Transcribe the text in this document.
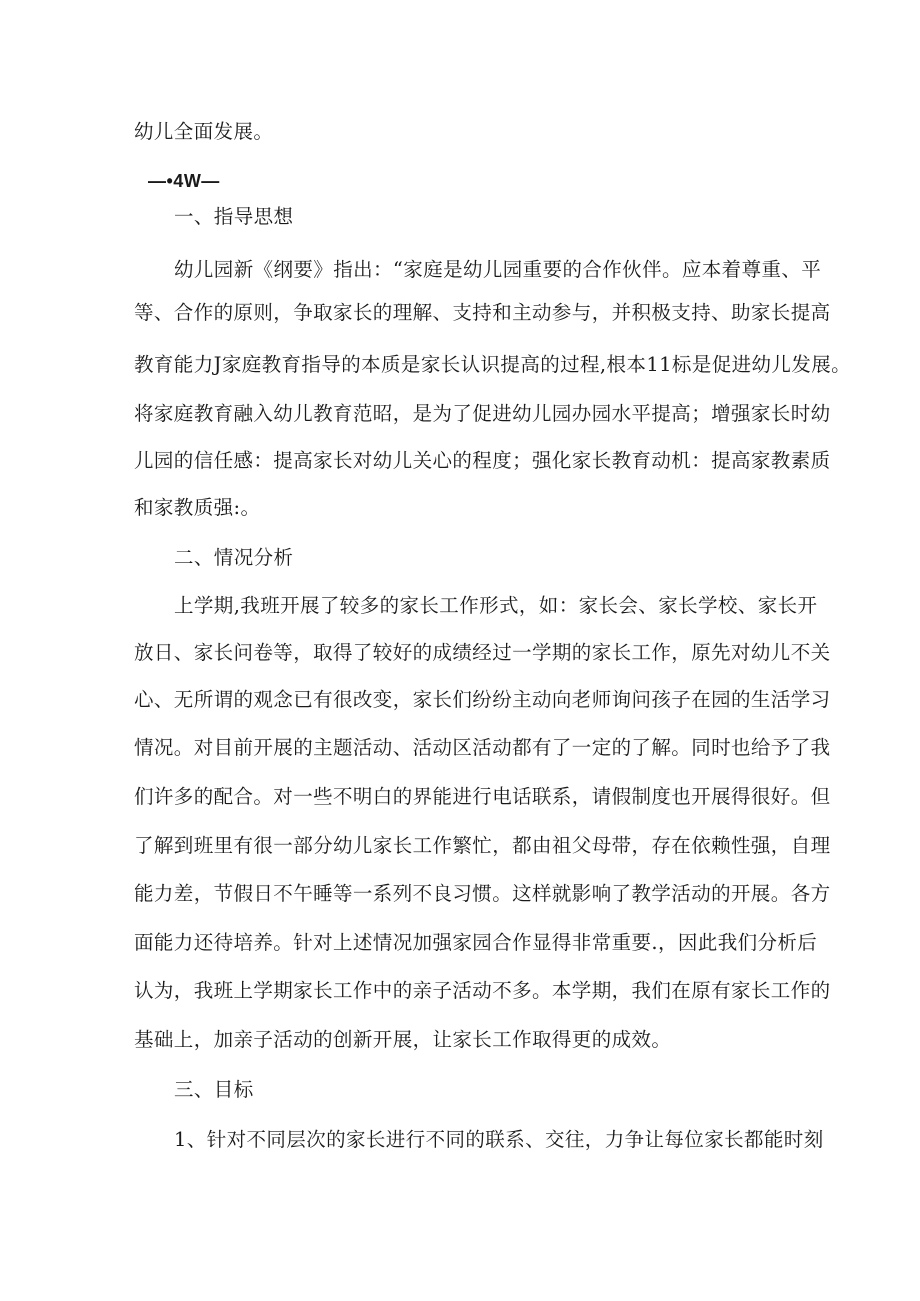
幼儿全面发展。
—•4W—
一、指导思想
幼儿园新《纲要》指出：“家庭是幼儿园重要的合作伙伴。应本着尊重、平
等、合作的原则，争取家长的理解、支持和主动参与，并积极支持、助家长提高
教育能力J家庭教育指导的本质是家长认识提高的过程,根本11标是促进幼儿发展。
将家庭教育融入幼儿教育范昭，是为了促进幼儿园办园水平提高；增强家长时幼
儿园的信任感：提高家长对幼儿关心的程度；强化家长教育动机：提高家教素质
和家教质强:。
二、情况分析
上学期,我班开展了较多的家长工作形式，如：家长会、家长学校、家长开
放日、家长问卷等，取得了较好的成绩经过一学期的家长工作，原先对幼儿不关
心、无所谓的观念已有很改变，家长们纷纷主动向老师询问孩子在园的生活学习
情况。对目前开展的主题活动、活动区活动都有了一定的了解。同时也给予了我
们许多的配合。对一些不明白的界能进行电话联系，请假制度也开展得很好。但
了解到班里有很一部分幼儿家长工作繁忙，都由祖父母带，存在依赖性强，自理
能力差，节假日不午睡等一系列不良习惯。这样就影响了教学活动的开展。各方
面能力还待培养。针对上述情况加强家园合作显得非常重要.，因此我们分析后
认为，我班上学期家长工作中的亲子活动不多。本学期，我们在原有家长工作的
基础上，加亲子活动的创新开展，让家长工作取得更的成效。
三、目标
1、针对不同层次的家长进行不同的联系、交往，力争让每位家长都能时刻
